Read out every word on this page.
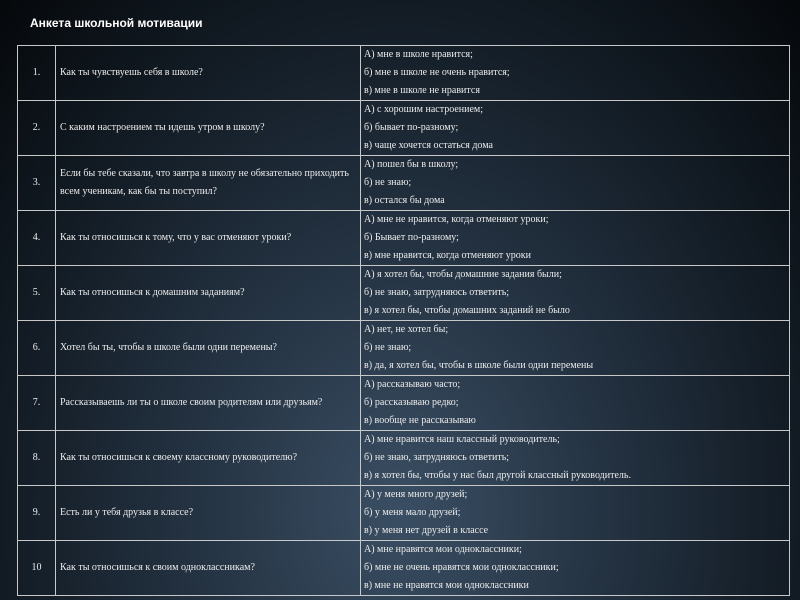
Анкета школьной мотивации
1.	Как ты чувствуешь себя в школе?	А) мне в школе нравится;
б) мне в школе не очень нравится;
в) мне в школе не нравится

2.	С каким настроением ты идешь утром в школу?	А) с хорошим настроением;
б) бывает по-разному;
в) чаще хочется остаться дома

3.	Если бы тебе сказали, что завтра в школу не обязательно приходить всем ученикам, как бы ты поступил?	А) пошел бы в школу;
б) не знаю;
в) остался бы дома

4.	Как ты относишься к тому, что у вас отменяют уроки?	А) мне не нравится, когда отменяют уроки;
б) Бывает по-разному;
в) мне нравится, когда отменяют уроки

5.	Как ты относишься к домашним заданиям?	А) я хотел бы, чтобы домашние задания были;
б) не знаю, затрудняюсь ответить;
в) я хотел бы, чтобы домашних заданий не было

6.	Хотел бы ты, чтобы в школе были одни перемены?	А) нет, не хотел бы;
б) не знаю;
в) да, я хотел бы, чтобы в школе были одни перемены

7.	Рассказываешь ли ты о школе своим родителям или друзьям?	А) рассказываю часто;
б) рассказываю редко;
в) вообще не рассказываю

8.	Как ты относишься к своему классному руководителю?	А) мне нравится наш классный руководитель;
б) не знаю, затрудняюсь ответить;
в) я хотел бы, чтобы у нас был другой классный руководитель.

9.	Есть ли у тебя друзья в классе?	А) у меня много друзей;
б) у меня мало друзей;
в) у меня нет друзей в классе

10	Как ты относишься к своим одноклассникам?	А) мне нравятся мои одноклассники;
б) мне не очень нравятся мои одноклассники;
в) мне не нравятся мои одноклассники
